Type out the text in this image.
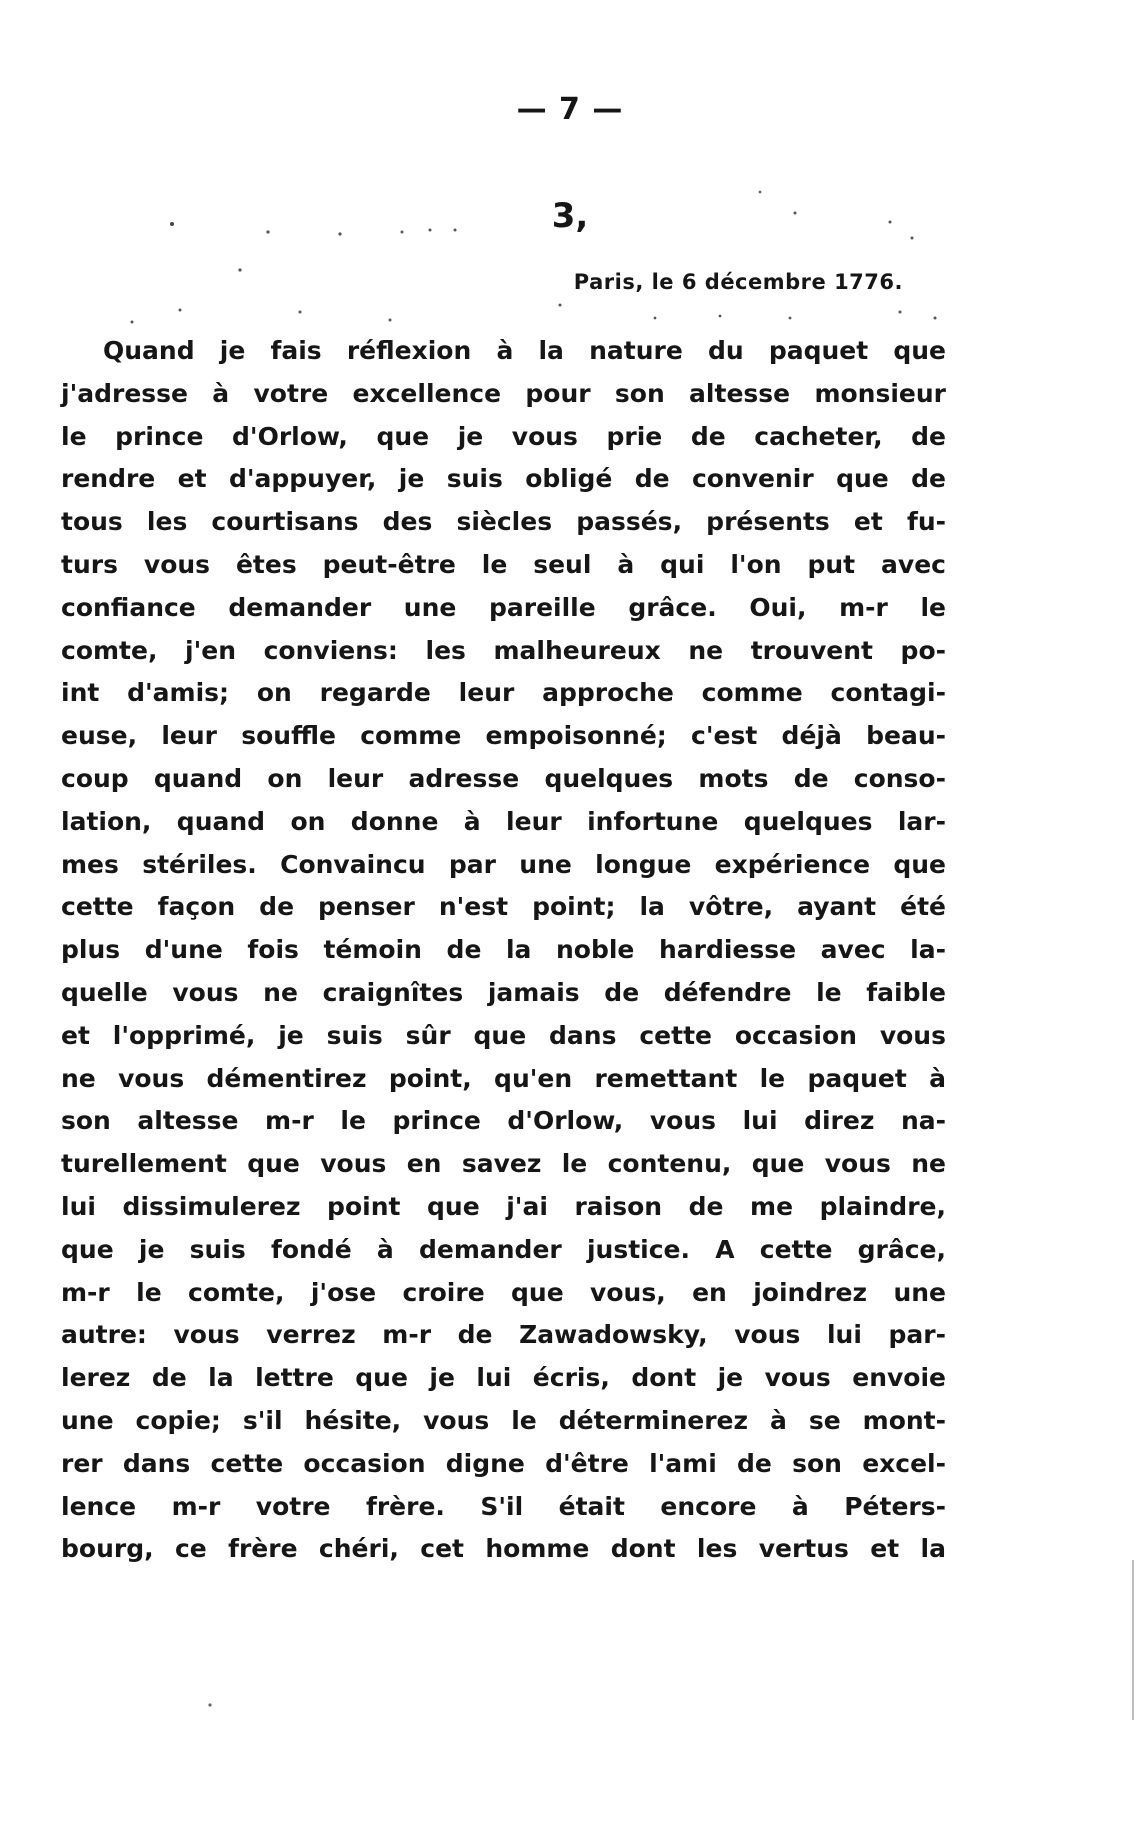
— 7 —
3,
Paris, le 6 décembre 1776.
Quand je fais réflexion à la nature du paquet que
j'adresse à votre excellence pour son altesse monsieur
le prince d'Orlow, que je vous prie de cacheter, de
rendre et d'appuyer, je suis obligé de convenir que de
tous les courtisans des siècles passés, présents et fu-
turs vous êtes peut-être le seul à qui l'on put avec
confiance demander une pareille grâce. Oui, m-r le
comte, j'en conviens: les malheureux ne trouvent po-
int d'amis; on regarde leur approche comme contagi-
euse, leur souffle comme empoisonné; c'est déjà beau-
coup quand on leur adresse quelques mots de conso-
lation, quand on donne à leur infortune quelques lar-
mes stériles. Convaincu par une longue expérience que
cette façon de penser n'est point; la vôtre, ayant été
plus d'une fois témoin de la noble hardiesse avec la-
quelle vous ne craignîtes jamais de défendre le faible
et l'opprimé, je suis sûr que dans cette occasion vous
ne vous démentirez point, qu'en remettant le paquet à
son altesse m-r le prince d'Orlow, vous lui direz na-
turellement que vous en savez le contenu, que vous ne
lui dissimulerez point que j'ai raison de me plaindre,
que je suis fondé à demander justice. A cette grâce,
m-r le comte, j'ose croire que vous, en joindrez une
autre: vous verrez m-r de Zawadowsky, vous lui par-
lerez de la lettre que je lui écris, dont je vous envoie
une copie; s'il hésite, vous le déterminerez à se mont-
rer dans cette occasion digne d'être l'ami de son excel-
lence m-r votre frère. S'il était encore à Péters-
bourg, ce frère chéri, cet homme dont les vertus et la
